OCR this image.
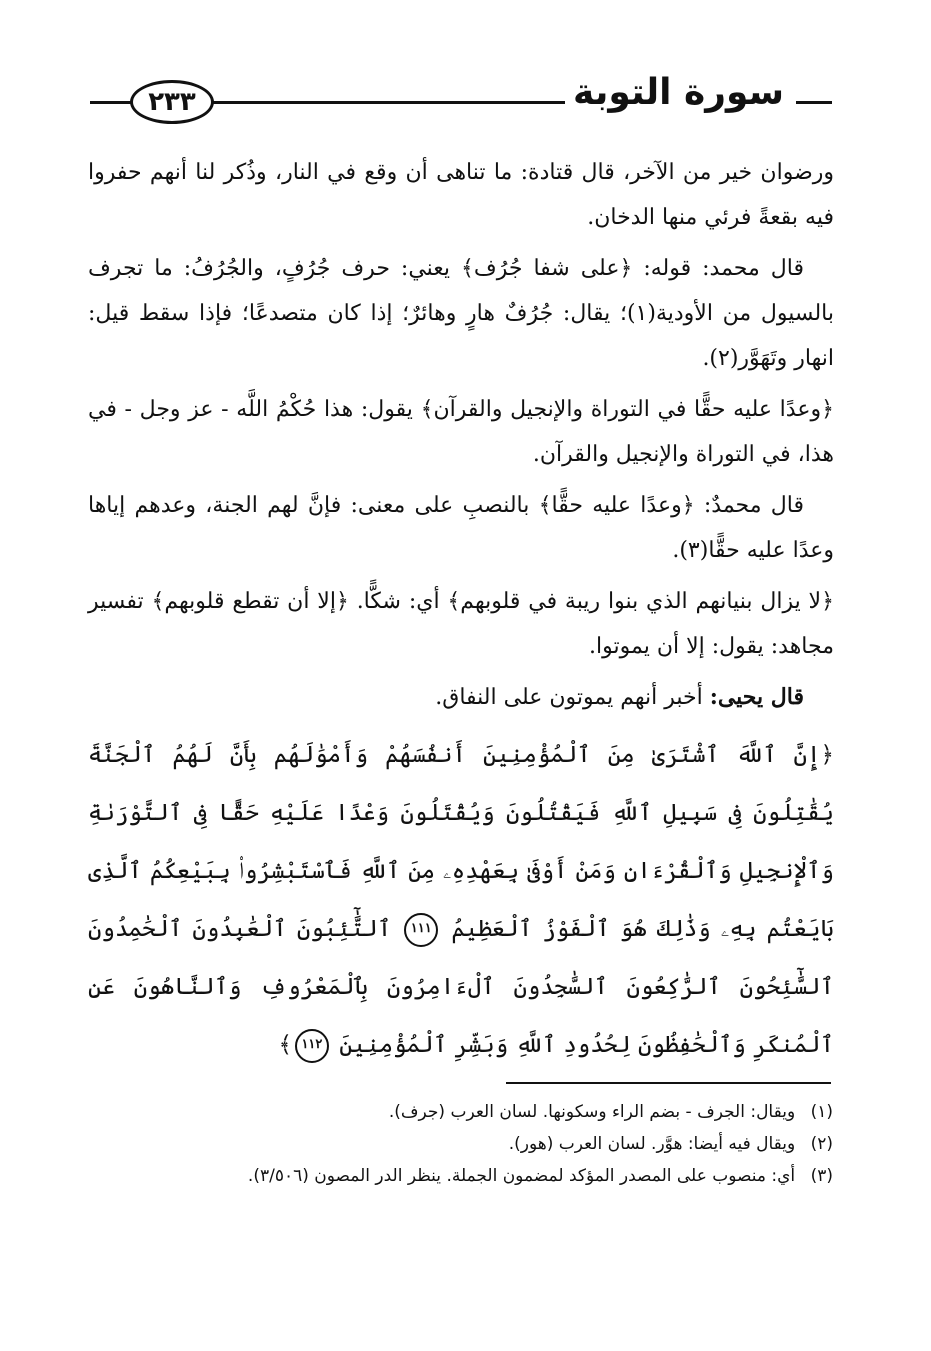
٢٣٣	سورة التوبة

ورضوان خير من الآخر، قال قتادة: ما تناهى أن وقع في النار، وذُكر لنا أنهم حفروا فيه بقعةً فرئي منها الدخان.

قال محمد: قوله: ﴿على شفا جُرُف﴾ يعني: حرف جُرُفٍ، والجُرُفُ: ما تجرف بالسيول من الأودية(١)؛ يقال: جُرُفٌ هارٍ وهائرٌ؛ إذا كان متصدعًا؛ فإذا سقط قيل: انهار وتَهَوَّر(٢).

﴿وعدًا عليه حقًّا في التوراة والإنجيل والقرآن﴾ يقول: هذا حُكْمُ اللَّه - عز وجل - في هذا، في التوراة والإنجيل والقرآن.

قال محمدٌ: ﴿وعدًا عليه حقًّا﴾ بالنصبِ على معنى: فإنَّ لهم الجنة، وعدهم إياها وعدًا عليه حقًّا(٣).

﴿لا يزال بنيانهم الذي بنوا ريبة في قلوبهم﴾ أي: شكًّا. ﴿إلا أن تقطع قلوبهم﴾ تفسير مجاهد: يقول: إلا أن يموتوا.

قال يحيى: أخبر أنهم يموتون على النفاق.

﴿إِنَّ ٱللَّهَ ٱشْتَرَىٰ مِنَ ٱلْمُؤْمِنِينَ أَنفُسَهُمْ وَأَمْوَٰلَهُم بِأَنَّ لَهُمُ ٱلْجَنَّةَ يُقَٰتِلُونَ فِى سَبِيلِ ٱللَّهِ فَيَقْتُلُونَ وَيُقْتَلُونَ وَعْدًا عَلَيْهِ حَقًّا فِى ٱلتَّوْرَىٰةِ وَٱلْإِنجِيلِ وَٱلْقُرْءَانِ وَمَنْ أَوْفَىٰ بِعَهْدِهِۦ مِنَ ٱللَّهِ فَٱسْتَبْشِرُوا۟ بِبَيْعِكُمُ ٱلَّذِى بَايَعْتُم بِهِۦ وَذَٰلِكَ هُوَ ٱلْفَوْزُ ٱلْعَظِيمُ ١١١ ٱلتَّٰٓئِبُونَ ٱلْعَٰبِدُونَ ٱلْحَٰمِدُونَ ٱلسَّٰٓئِحُونَ ٱلرَّٰكِعُونَ ٱلسَّٰجِدُونَ ٱلْءَامِرُونَ بِٱلْمَعْرُوفِ وَٱلنَّاهُونَ عَنِ ٱلْمُنكَرِ وَٱلْحَٰفِظُونَ لِحُدُودِ ٱللَّهِ وَبَشِّرِ ٱلْمُؤْمِنِينَ ١١٢﴾

(١) ويقال: الجرف - بضم الراء وسكونها. لسان العرب (جرف).

(٢) ويقال فيه أيضا: هوَّر. لسان العرب (هور).

(٣) أي: منصوب على المصدر المؤكد لمضمون الجملة. ينظر الدر المصون (٣/٥٠٦).
